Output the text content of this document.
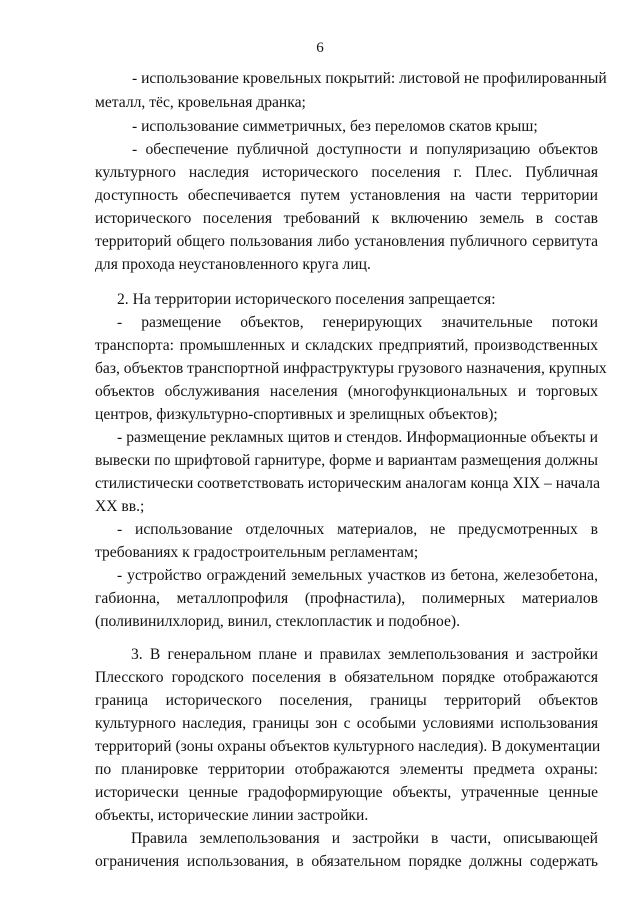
6
- использование кровельных покрытий: листовой не профилированный
металл, тёс, кровельная дранка;
- использование симметричных, без переломов скатов крыш;
- обеспечение публичной доступности и популяризацию объектов
культурного наследия исторического поселения г. Плес. Публичная
доступность обеспечивается путем установления на части территории
исторического поселения требований к включению земель в состав
территорий общего пользования либо установления публичного сервитута
для прохода неустановленного круга лиц.
2. На территории исторического поселения запрещается:
- размещение объектов, генерирующих значительные потоки
транспорта: промышленных и складских предприятий, производственных
баз, объектов транспортной инфраструктуры грузового назначения, крупных
объектов обслуживания населения (многофункциональных и торговых
центров, физкультурно-спортивных и зрелищных объектов);
- размещение рекламных щитов и стендов. Информационные объекты и
вывески по шрифтовой гарнитуре, форме и вариантам размещения должны
стилистически соответствовать историческим аналогам конца XIX – начала
XX вв.;
- использование отделочных материалов, не предусмотренных в
требованиях к градостроительным регламентам;
- устройство ограждений земельных участков из бетона, железобетона,
габионна, металлопрофиля (профнастила), полимерных материалов
(поливинилхлорид, винил, стеклопластик и подобное).
3. В генеральном плане и правилах землепользования и застройки
Плесского городского поселения в обязательном порядке отображаются
граница исторического поселения, границы территорий объектов
культурного наследия, границы зон с особыми условиями использования
территорий (зоны охраны объектов культурного наследия). В документации
по планировке территории отображаются элементы предмета охраны:
исторически ценные градоформирующие объекты, утраченные ценные
объекты, исторические линии застройки.
Правила землепользования и застройки в части, описывающей
ограничения использования, в обязательном порядке должны содержать
